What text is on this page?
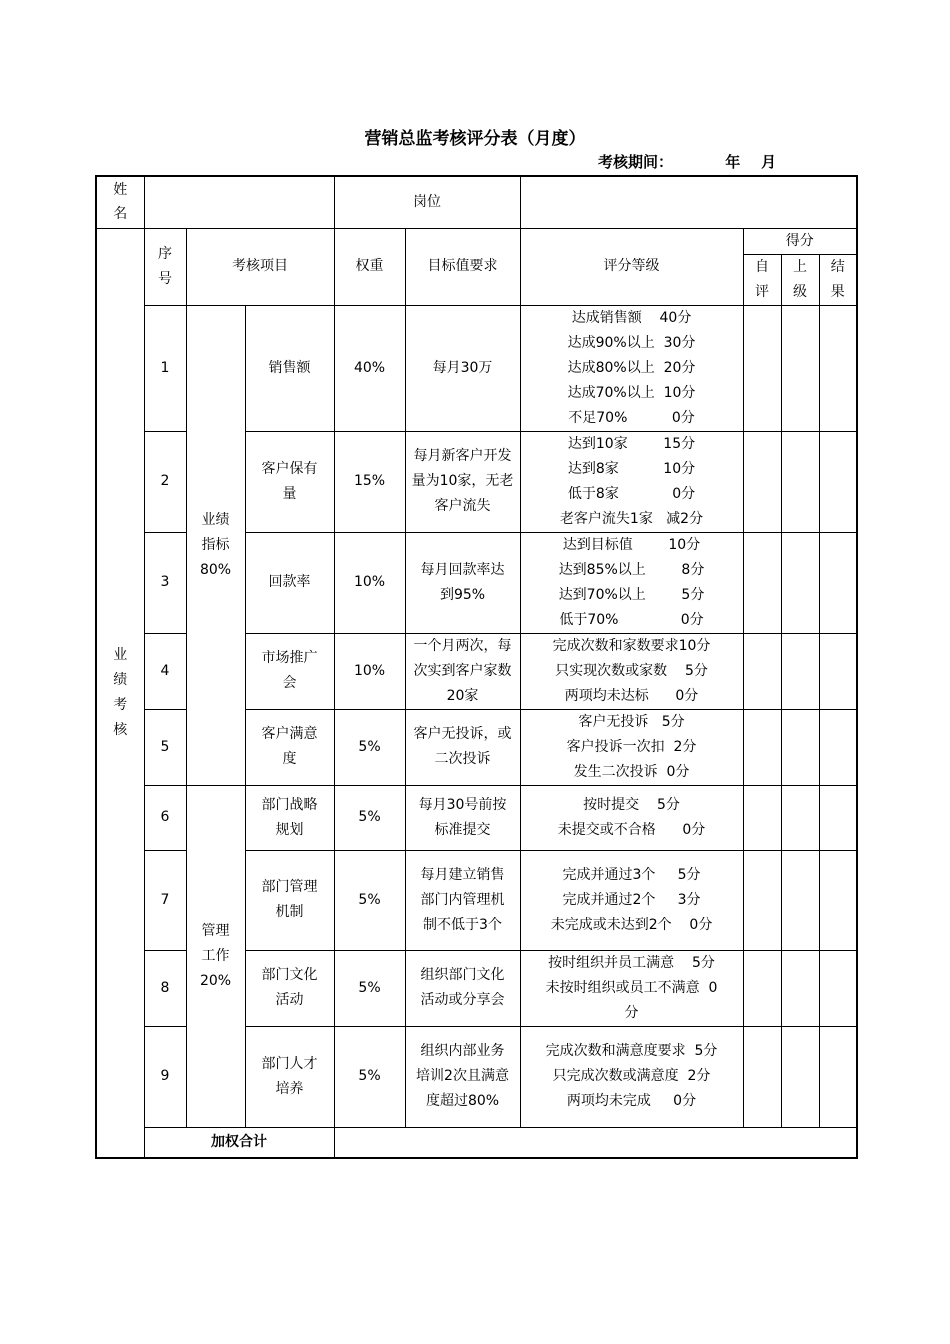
营销总监考核评分表（月度）
考核期间：          年    月
姓名				岗位					
业绩考核	序号	考核项目		权重	目标值要求	评分等级	得分		
							自评	上级	结果
	1	业绩指标80%	销售额	40%	每月30万	达成销售额    40分
达成90%以上  30分
达成80%以上  20分
达成70%以上  10分
不足70%          0分			

	2		客户保有量	15%	每月新客户开发量为10家，无老客户流失	达到10家        15分
达到8家          10分
低于8家            0分
老客户流失1家   减2分			

	3		回款率	10%	每月回款率达到95%	达到目标值        10分
达到85%以上        8分
达到70%以上        5分
低于70%              0分			

	4		市场推广会	10%	一个月两次，每次实到客户家数20家	完成次数和家数要求10分
只实现次数或家数    5分
两项均未达标      0分			

	5		客户满意度	5%	客户无投诉，或二次投诉	客户无投诉   5分
客户投诉一次扣  2分
发生二次投诉  0分			

	6	管理工作20%	部门战略规划	5%	每月30号前按标准提交	按时提交    5分
未提交或不合格      0分			

	7		部门管理机制	5%	每月建立销售部门内管理机制不低于3个	完成并通过3个     5分
完成并通过2个     3分
未完成或未达到2个    0分			

	8		部门文化活动	5%	组织部门文化活动或分享会	按时组织并员工满意    5分
未按时组织或员工不满意  0
分			

	9		部门人才培养	5%	组织内部业务培训2次且满意度超过80%	完成次数和满意度要求  5分
只完成次数或满意度  2分
两项均未完成     0分			

	加权合计								
